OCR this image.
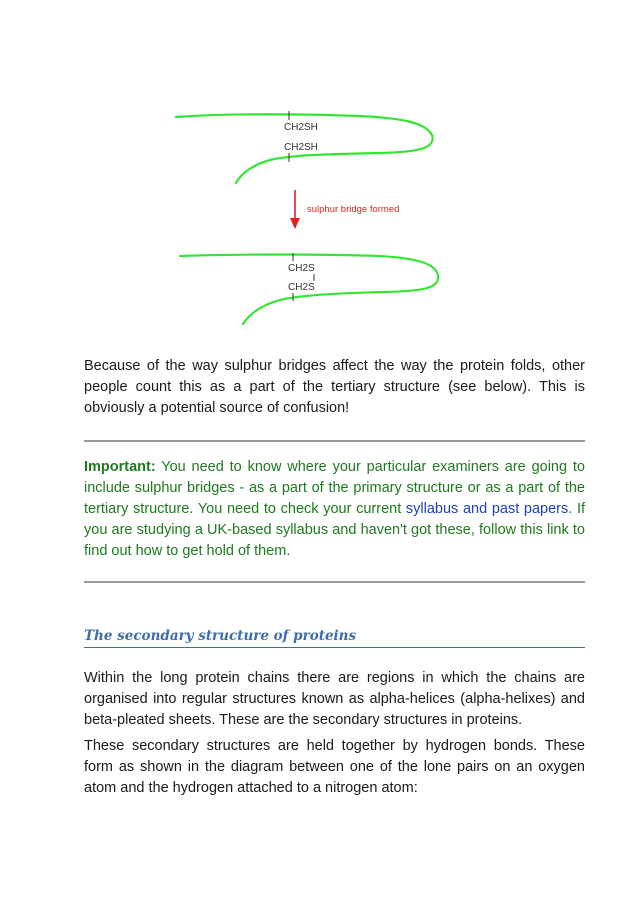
CH2SH
CH2SH
sulphur bridge formed
CH2S
CH2S

Because of the way sulphur bridges affect the way the protein folds, other people count this as a part of the tertiary structure (see below). This is obviously a potential source of confusion!

Important: You need to know where your particular examiners are going to include sulphur bridges - as a part of the primary structure or as a part of the tertiary structure. You need to check your current syllabus and past papers. If you are studying a UK-based syllabus and haven't got these, follow this link to find out how to get hold of them.

The secondary structure of proteins

Within the long protein chains there are regions in which the chains are organised into regular structures known as alpha-helices (alpha-helixes) and beta-pleated sheets. These are the secondary structures in proteins.

These secondary structures are held together by hydrogen bonds. These form as shown in the diagram between one of the lone pairs on an oxygen atom and the hydrogen attached to a nitrogen atom:
